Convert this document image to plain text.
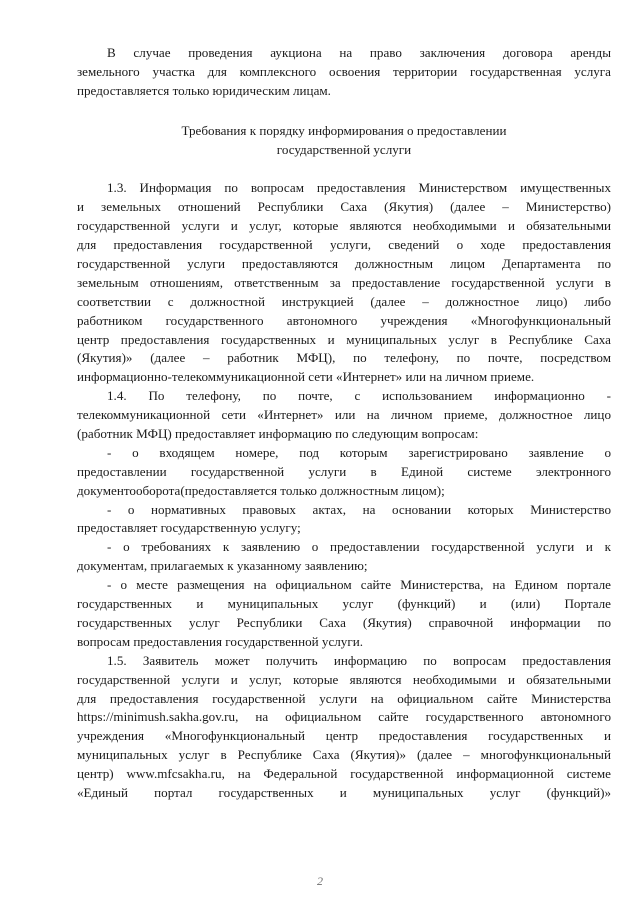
В случае проведения аукциона на право заключения договора аренды
земельного участка для комплексного освоения территории государственная услуга
предоставляется только юридическим лицам.
Требования к порядку информирования о предоставлении
государственной услуги
1.3. Информация по вопросам предоставления Министерством имущественных
и земельных отношений Республики Саха (Якутия) (далее – Министерство)
государственной услуги и услуг, которые являются необходимыми и обязательными
для предоставления государственной услуги, сведений о ходе предоставления
государственной услуги предоставляются должностным лицом Департамента по
земельным отношениям, ответственным за предоставление государственной услуги в
соответствии с должностной инструкцией (далее – должностное лицо) либо
работником государственного автономного учреждения «Многофункциональный
центр предоставления государственных и муниципальных услуг в Республике Саха
(Якутия)» (далее – работник МФЦ), по телефону, по почте, посредством
информационно-телекоммуникационной сети «Интернет» или на личном приеме.
1.4. По телефону, по почте, с использованием информационно -
телекоммуникационной сети «Интернет» или на личном приеме, должностное лицо
(работник МФЦ) предоставляет информацию по следующим вопросам:
- о входящем номере, под которым зарегистрировано заявление о
предоставлении государственной услуги в Единой системе электронного
документооборота(предоставляется только должностным лицом);
- о нормативных правовых актах, на основании которых Министерство
предоставляет государственную услугу;
- о требованиях к заявлению о предоставлении государственной услуги и к
документам, прилагаемых к указанному заявлению;
- о месте размещения на официальном сайте Министерства, на Едином портале
государственных и муниципальных услуг (функций) и (или) Портале
государственных услуг Республики Саха (Якутия) справочной информации по
вопросам предоставления государственной услуги.
1.5. Заявитель может получить информацию по вопросам предоставления
государственной услуги и услуг, которые являются необходимыми и обязательными
для предоставления государственной услуги на официальном сайте Министерства
https://minimush.sakha.gov.ru, на официальном сайте государственного автономного
учреждения «Многофункциональный центр предоставления государственных и
муниципальных услуг в Республике Саха (Якутия)» (далее – многофункциональный
центр) www.mfcsakha.ru, на Федеральной государственной информационной системе
«Единый портал государственных и муниципальных услуг (функций)»
2
